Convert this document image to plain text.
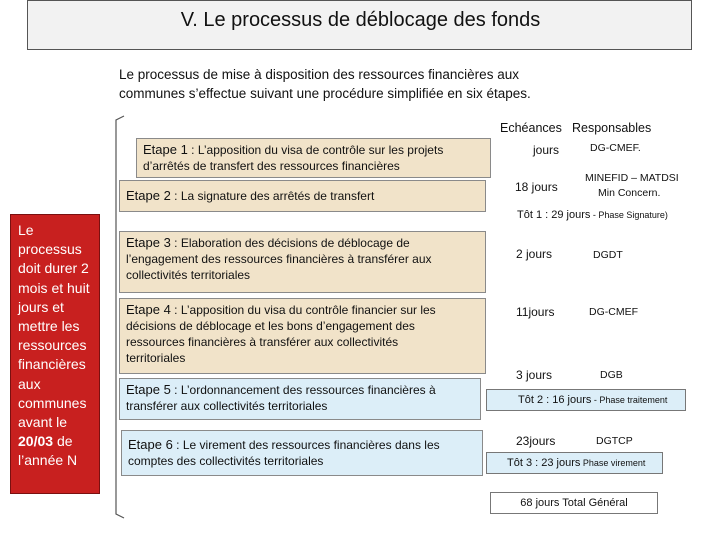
V. Le processus de déblocage des fonds
Le processus de mise à disposition des ressources financières aux
communes s’effectue suivant une procédure simplifiée en six étapes.
Echéances Responsables
Etape 1 : L’apposition du visa de contrôle sur les projets
d’arrêtés de transfert des ressources financières
Etape 2 : La signature des arrêtés de transfert
Etape 3 : Elaboration des décisions de déblocage de
l’engagement des ressources financières à transférer aux
collectivités territoriales
Etape 4 : L’apposition du visa du contrôle financier sur les
décisions de déblocage et les bons d’engagement des
ressources financières à transférer aux collectivités
territoriales
Etape 5 : L’ordonnancement des ressources financières à
transférer aux collectivités territoriales
Etape 6 : Le virement des ressources financières dans les
comptes des collectivités territoriales
Le processus doit durer 2 mois et huit jours et mettre les ressources financières aux communes avant le 20/03 de l’année N
jours
18 jours
2 jours
11jours
3 jours
23jours
DG-CMEF.
MINEFID – MATDSI
Min Concern.
DGDT
DG-CMEF
DGB
DGTCP
Tôt 1 : 29 jours - Phase Signature)
Tôt 2 : 16 jours - Phase traitement
Tôt 3 : 23 jours Phase virement
68 jours Total Général
